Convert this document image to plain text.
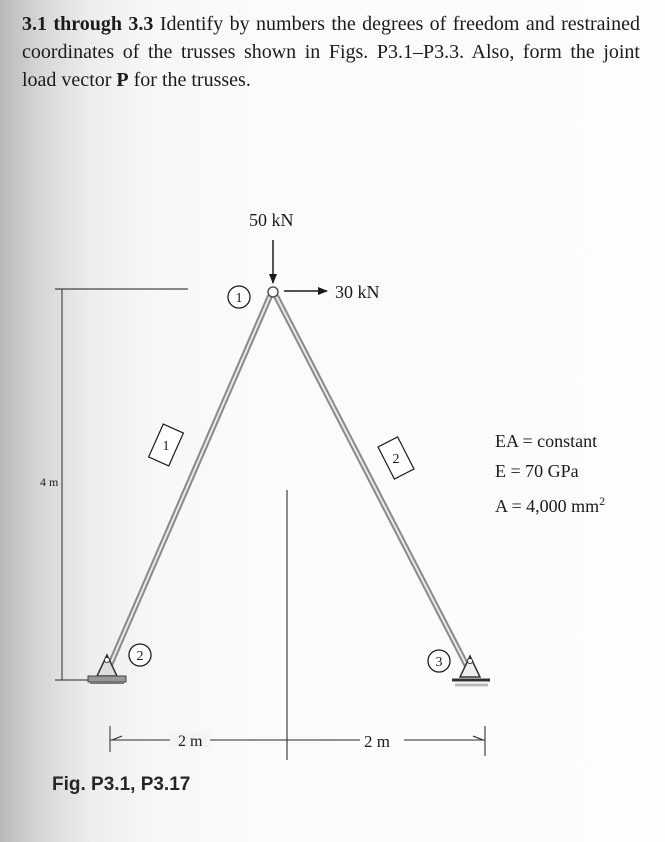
3.1 through 3.3 Identify by numbers the degrees of freedom and restrained coordinates of the trusses shown in Figs. P3.1–P3.3. Also, form the joint load vector P for the trusses.

4 m
50 kN
30 kN
1
2	3
1
2
2 m	2 m
EA = constant
E = 70 GPa
A = 4,000 $mm^2$
Fig. P3.1, P3.17
